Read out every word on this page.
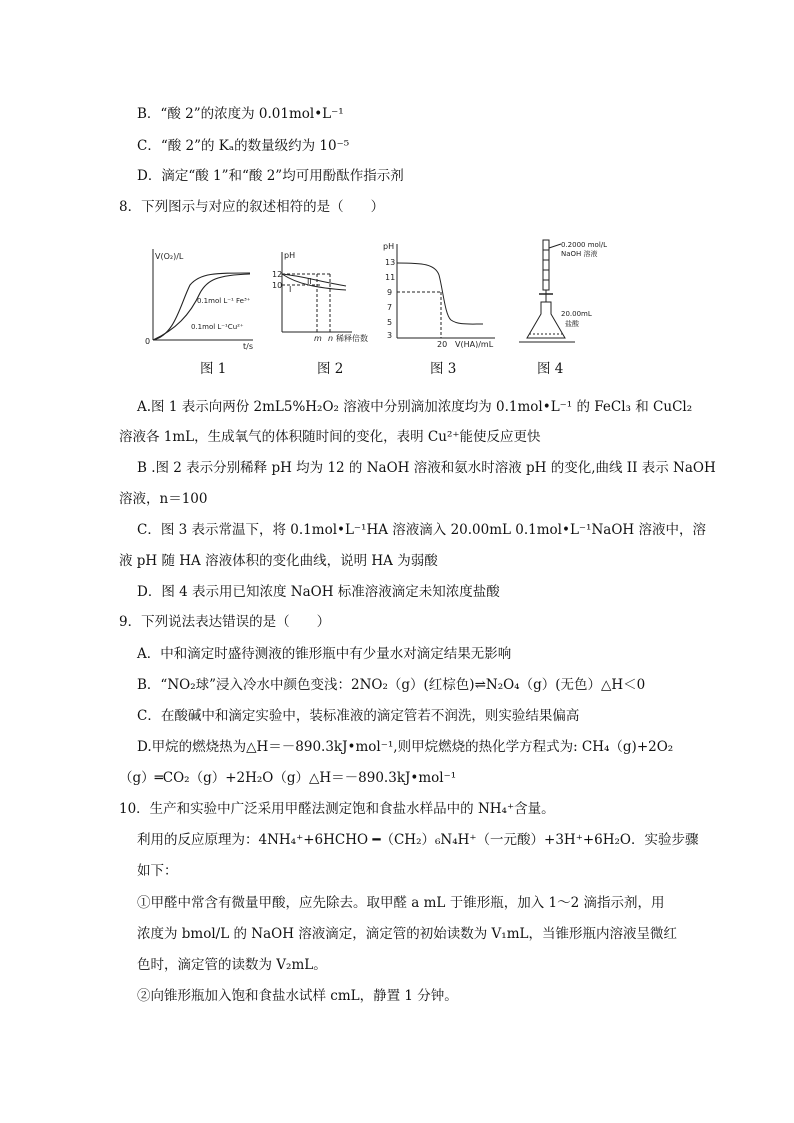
B．“酸 2”的浓度为 0.01mol•L⁻¹
C．“酸 2”的 Kₐ的数量级约为 10⁻⁵
D．滴定“酸 1”和“酸 2”均可用酚酞作指示剂
8．下列图示与对应的叙述相符的是（　　）
V(O₂)/L
t/s
0
0.1mol L⁻¹ Fe³⁺
0.1mol L⁻¹Cu²⁺
图 1
pH
12
10 I
II
m n 稀释倍数
图 2
pH
13
11
9
7
5
3
20 V(HA)/mL
图 3
0.2000 mol/L
NaOH 溶液
20.00mL
盐酸
图 4
A.图 1 表示向两份 2mL5%H₂O₂ 溶液中分别滴加浓度均为 0.1mol•L⁻¹ 的 FeCl₃ 和 CuCl₂
溶液各 1mL，生成氧气的体积随时间的变化，表明 Cu²⁺能使反应更快
B .图 2 表示分别稀释 pH 均为 12 的 NaOH 溶液和氨水时溶液 pH 的变化,曲线 II 表示 NaOH
溶液，n＝100
C．图 3 表示常温下，将 0.1mol•L⁻¹HA 溶液滴入 20.00mL 0.1mol•L⁻¹NaOH 溶液中，溶
液 pH 随 HA 溶液体积的变化曲线，说明 HA 为弱酸
D．图 4 表示用已知浓度 NaOH 标准溶液滴定未知浓度盐酸
9．下列说法表达错误的是（　　）
A．中和滴定时盛待测液的锥形瓶中有少量水对滴定结果无影响
B．“NO₂球”浸入冷水中颜色变浅：2NO₂（g）(红棕色)⇌N₂O₄（g）(无色）△H＜0
C．在酸碱中和滴定实验中，装标准液的滴定管若不润洗，则实验结果偏高
D.甲烷的燃烧热为△H＝－890.3kJ•mol⁻¹,则甲烷燃烧的热化学方程式为: CH₄（g)+2O₂
（g）═CO₂（g）+2H₂O（g）△H＝－890.3kJ•mol⁻¹
10．生产和实验中广泛采用甲醛法测定饱和食盐水样品中的 NH₄⁺含量。
利用的反应原理为：4NH₄⁺+6HCHO ━（CH₂）₆N₄H⁺（一元酸）+3H⁺+6H₂O．实验步骤
如下：
①甲醛中常含有微量甲酸，应先除去。取甲醛 a mL 于锥形瓶，加入 1～2 滴指示剂，用
浓度为 bmol/L 的 NaOH 溶液滴定，滴定管的初始读数为 V₁mL，当锥形瓶内溶液呈微红
色时，滴定管的读数为 V₂mL。
②向锥形瓶加入饱和食盐水试样 cmL，静置 1 分钟。
